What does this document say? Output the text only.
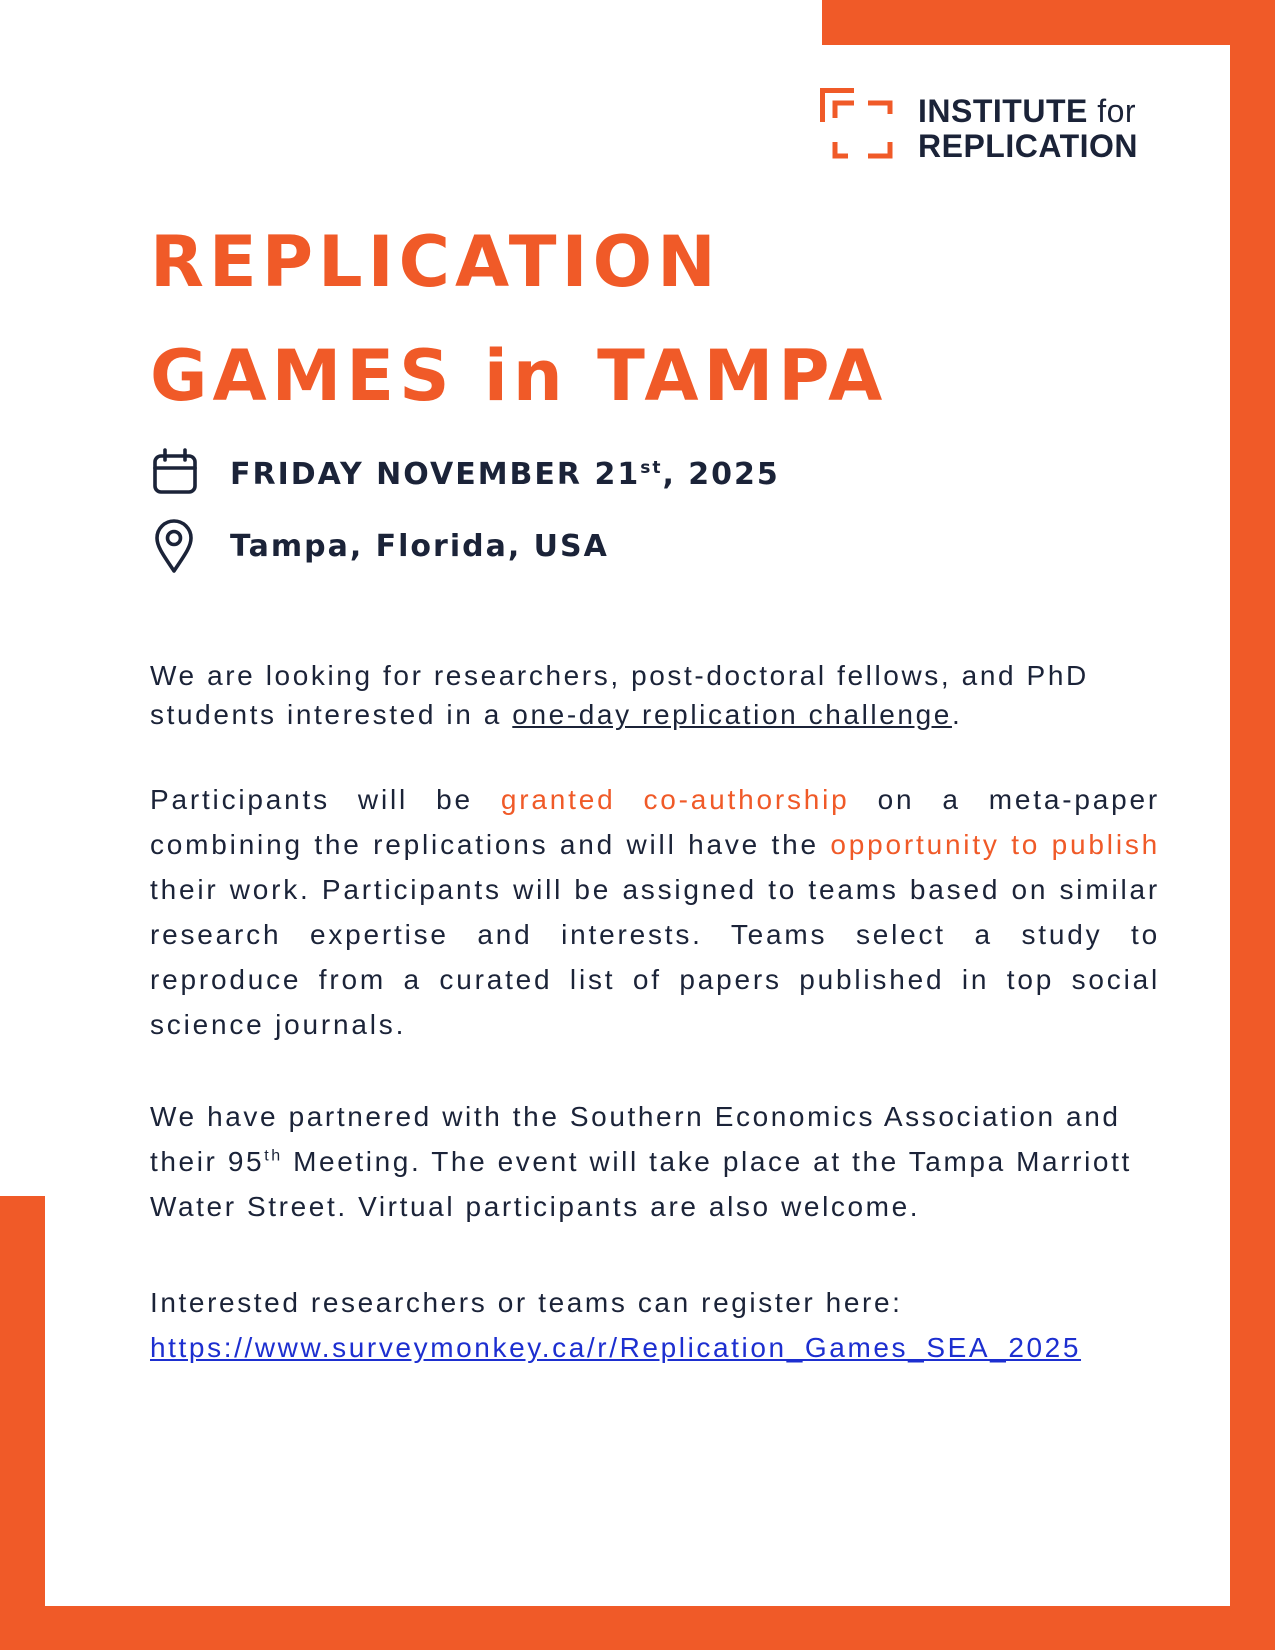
INSTITUTE for
REPLICATION
REPLICATION
GAMES in TAMPA
FRIDAY NOVEMBER 21st, 2025
Tampa, Florida, USA

We are looking for researchers, post-doctoral fellows, and PhD students interested in a one-day replication challenge.

Participants will be granted co-authorship on a meta-paper combining the replications and will have the opportunity to publish their work. Participants will be assigned to teams based on similar research expertise and interests. Teams select a study to reproduce from a curated list of papers published in top social science journals.

We have partnered with the Southern Economics Association and their 95th Meeting. The event will take place at the Tampa Marriott Water Street. Virtual participants are also welcome.

Interested researchers or teams can register here:
https://www.surveymonkey.ca/r/Replication_Games_SEA_2025
